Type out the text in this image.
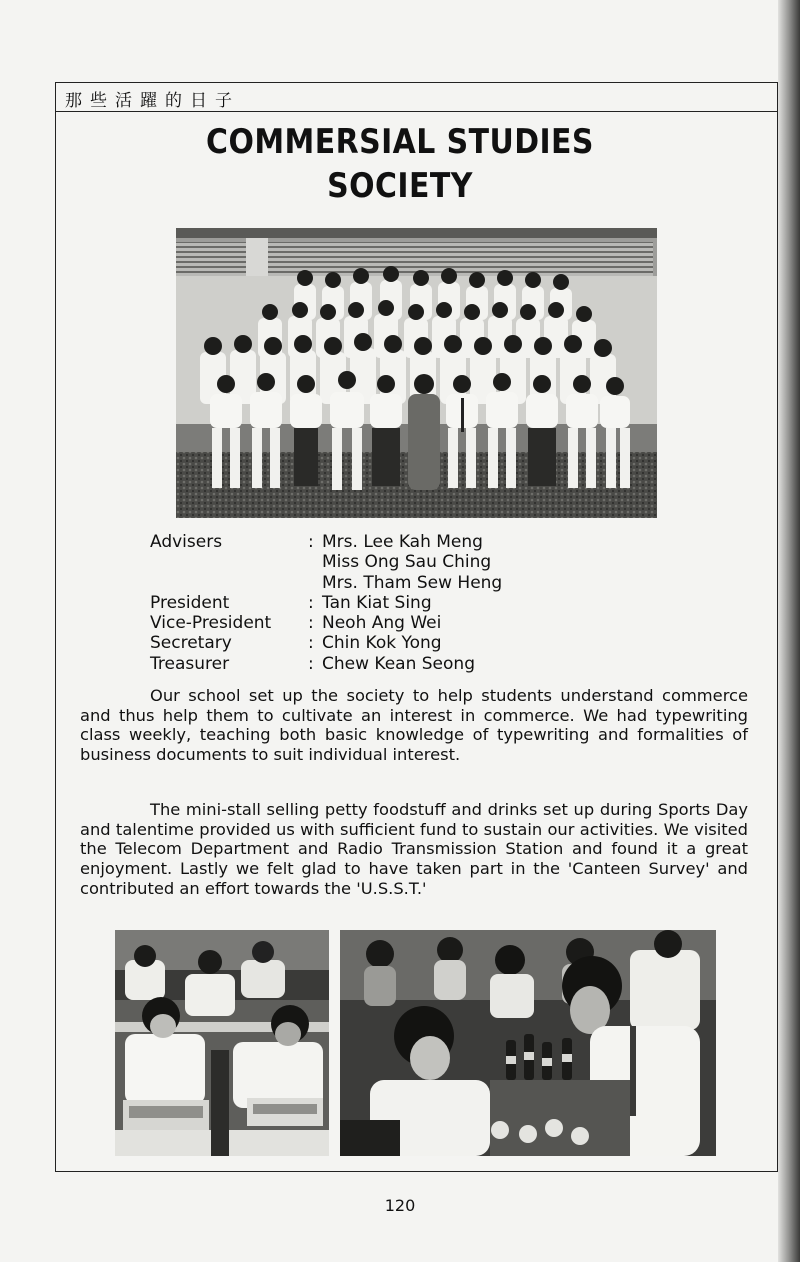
那些活躍的日子
COMMERSIAL STUDIES
SOCIETY
Advisers	: Mrs. Lee Kah Meng
Miss Ong Sau Ching
Mrs. Tham Sew Heng
President	: Tan Kiat Sing
Vice-President	: Neoh Ang Wei
Secretary	: Chin Kok Yong
Treasurer	: Chew Kean Seong

Our school set up the society to help students understand commerce and thus help them to cultivate an interest in commerce. We had typewriting class weekly, teaching both basic knowledge of typewriting and formalities of business documents to suit individual interest.

The mini-stall selling petty foodstuff and drinks set up during Sports Day and talentime provided us with sufficient fund to sustain our activities. We visited the Telecom Department and Radio Transmission Station and found it a great enjoyment. Lastly we felt glad to have taken part in the 'Canteen Survey' and contributed an effort towards the 'U.S.S.T.'

120
